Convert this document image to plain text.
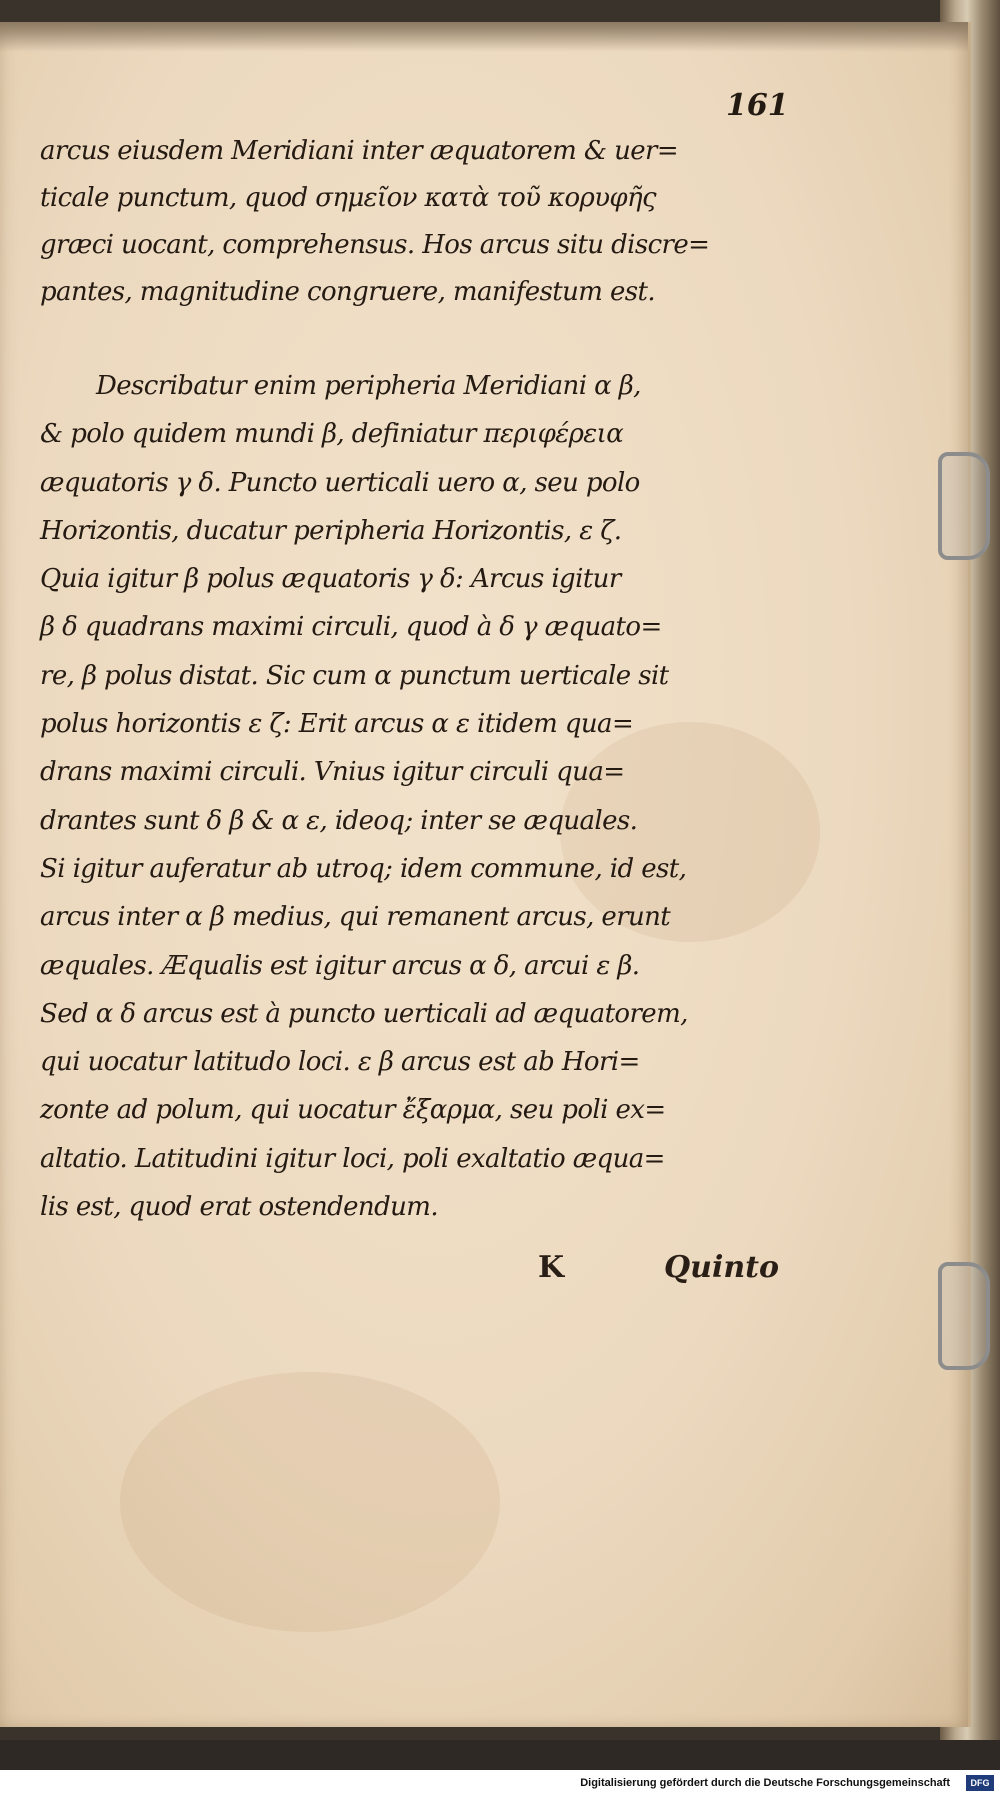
161
arcus eiusdem Meridiani inter æquatorem & uer=
ticale punctum, quod σημεῖον κατὰ τοῦ κορυφῆς
græci uocant, comprehensus. Hos arcus situ discre=
pantes, magnitudine congruere, manifestum est.
Describatur enim peripheria Meridiani α β,
& polo quidem mundi β, definiatur περιφέρεια
æquatoris γ δ. Puncto uerticali uero α, seu polo
Horizontis, ducatur peripheria Horizontis, ε ζ.
Quia igitur β polus æquatoris γ δ: Arcus igitur
β δ quadrans maximi circuli, quod à δ γ æquato=
re, β polus distat. Sic cum α punctum uerticale sit
polus horizontis ε ζ: Erit arcus α ε itidem qua=
drans maximi circuli. Vnius igitur circuli qua=
drantes sunt δ β & α ε, ideoq; inter se æquales.
Si igitur auferatur ab utroq; idem commune, id est,
arcus inter α β medius, qui remanent arcus, erunt
æquales. Æqualis est igitur arcus α δ, arcui ε β.
Sed α δ arcus est à puncto uerticali ad æquatorem,
qui uocatur latitudo loci. ε β arcus est ab Hori=
zonte ad polum, qui uocatur ἔξαρμα, seu poli ex=
altatio. Latitudini igitur loci, poli exaltatio æqua=
lis est, quod erat ostendendum.
K	Quinto
Digitalisierung gefördert durch die Deutsche Forschungsgemeinschaft	DFG
